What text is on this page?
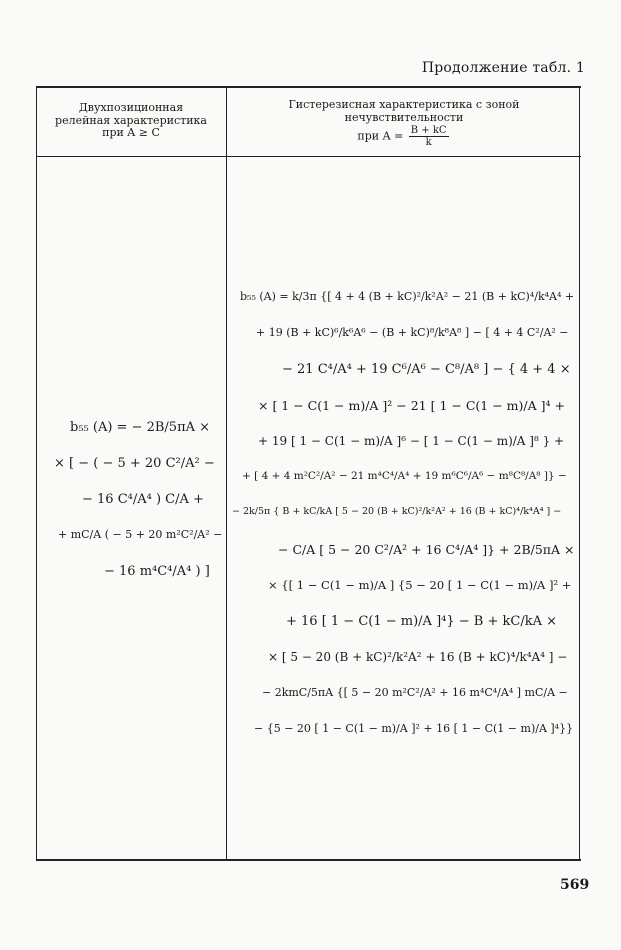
Продолжение табл. 1
569
Двухпозиционная
релейная характеристика
при A ≥ C
Гистерезисная характеристика с зоной нечувствительности
при $A = \frac{B + kC}{k}$
b₅₅ (A) = − 2B/5πA ×
× [ − ( − 5 + 20 C²/A² −
− 16 C⁴/A⁴ ) C/A +
+ mC/A ( − 5 + 20 m²C²/A² −
− 16 m⁴C⁴/A⁴ ) ]
b₅₅ (A) = k/3π {[ 4 + 4 (B + kC)²/k²A² − 21 (B + kC)⁴/k⁴A⁴ +
+ 19 (B + kC)⁶/k⁶A⁶ − (B + kC)⁸/k⁸A⁸ ] − [ 4 + 4 C²/A² −
− 21 C⁴/A⁴ + 19 C⁶/A⁶ − C⁸/A⁸ ] − { 4 + 4 ×
× [ 1 − C(1 − m)/A ]² − 21 [ 1 − C(1 − m)/A ]⁴ +
+ 19 [ 1 − C(1 − m)/A ]⁶ − [ 1 − C(1 − m)/A ]⁸ } +
+ [ 4 + 4 m²C²/A² − 21 m⁴C⁴/A⁴ + 19 m⁶C⁶/A⁶ − m⁸C⁸/A⁸ ]} −
− 2k/5π { B + kC/kA [ 5 − 20 (B + kC)²/k²A² + 16 (B + kC)⁴/k⁴A⁴ ] −
− C/A [ 5 − 20 C²/A² + 16 C⁴/A⁴ ]} + 2B/5πA ×
× {[ 1 − C(1 − m)/A ] {5 − 20 [ 1 − C(1 − m)/A ]² +
+ 16 [ 1 − C(1 − m)/A ]⁴} − B + kC/kA ×
× [ 5 − 20 (B + kC)²/k²A² + 16 (B + kC)⁴/k⁴A⁴ ] −
− 2kmC/5πA {[ 5 − 20 m²C²/A² + 16 m⁴C⁴/A⁴ ] mC/A −
− {5 − 20 [ 1 − C(1 − m)/A ]² + 16 [ 1 − C(1 − m)/A ]⁴}}
